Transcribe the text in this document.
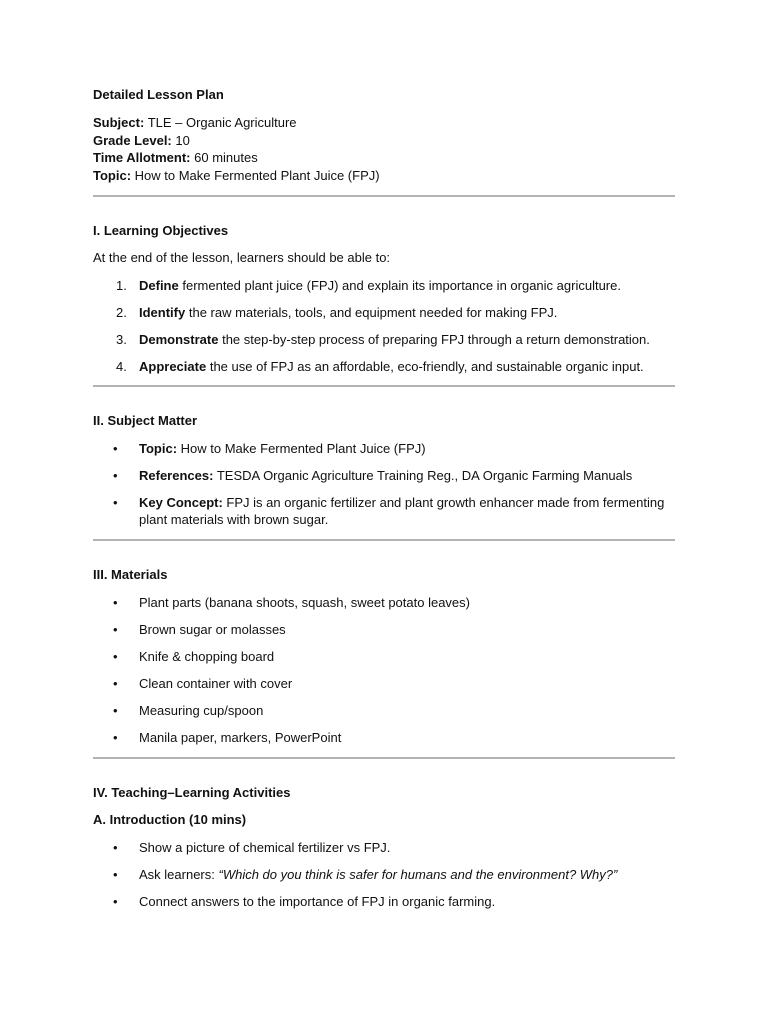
Detailed Lesson Plan

Subject: TLE – Organic Agriculture

Grade Level: 10

Time Allotment: 60 minutes

Topic: How to Make Fermented Plant Juice (FPJ)

I. Learning Objectives

At the end of the lesson, learners should be able to:

1. Define fermented plant juice (FPJ) and explain its importance in organic agriculture.
2. Identify the raw materials, tools, and equipment needed for making FPJ.
3. Demonstrate the step-by-step process of preparing FPJ through a return demonstration.
4. Appreciate the use of FPJ as an affordable, eco-friendly, and sustainable organic input.

II. Subject Matter

• Topic: How to Make Fermented Plant Juice (FPJ)
• References: TESDA Organic Agriculture Training Reg., DA Organic Farming Manuals
• Key Concept: FPJ is an organic fertilizer and plant growth enhancer made from fermenting plant materials with brown sugar.

III. Materials

• Plant parts (banana shoots, squash, sweet potato leaves)
• Brown sugar or molasses
• Knife & chopping board
• Clean container with cover
• Measuring cup/spoon
• Manila paper, markers, PowerPoint

IV. Teaching–Learning Activities

A. Introduction (10 mins)

• Show a picture of chemical fertilizer vs FPJ.
• Ask learners: “Which do you think is safer for humans and the environment? Why?”
• Connect answers to the importance of FPJ in organic farming.
